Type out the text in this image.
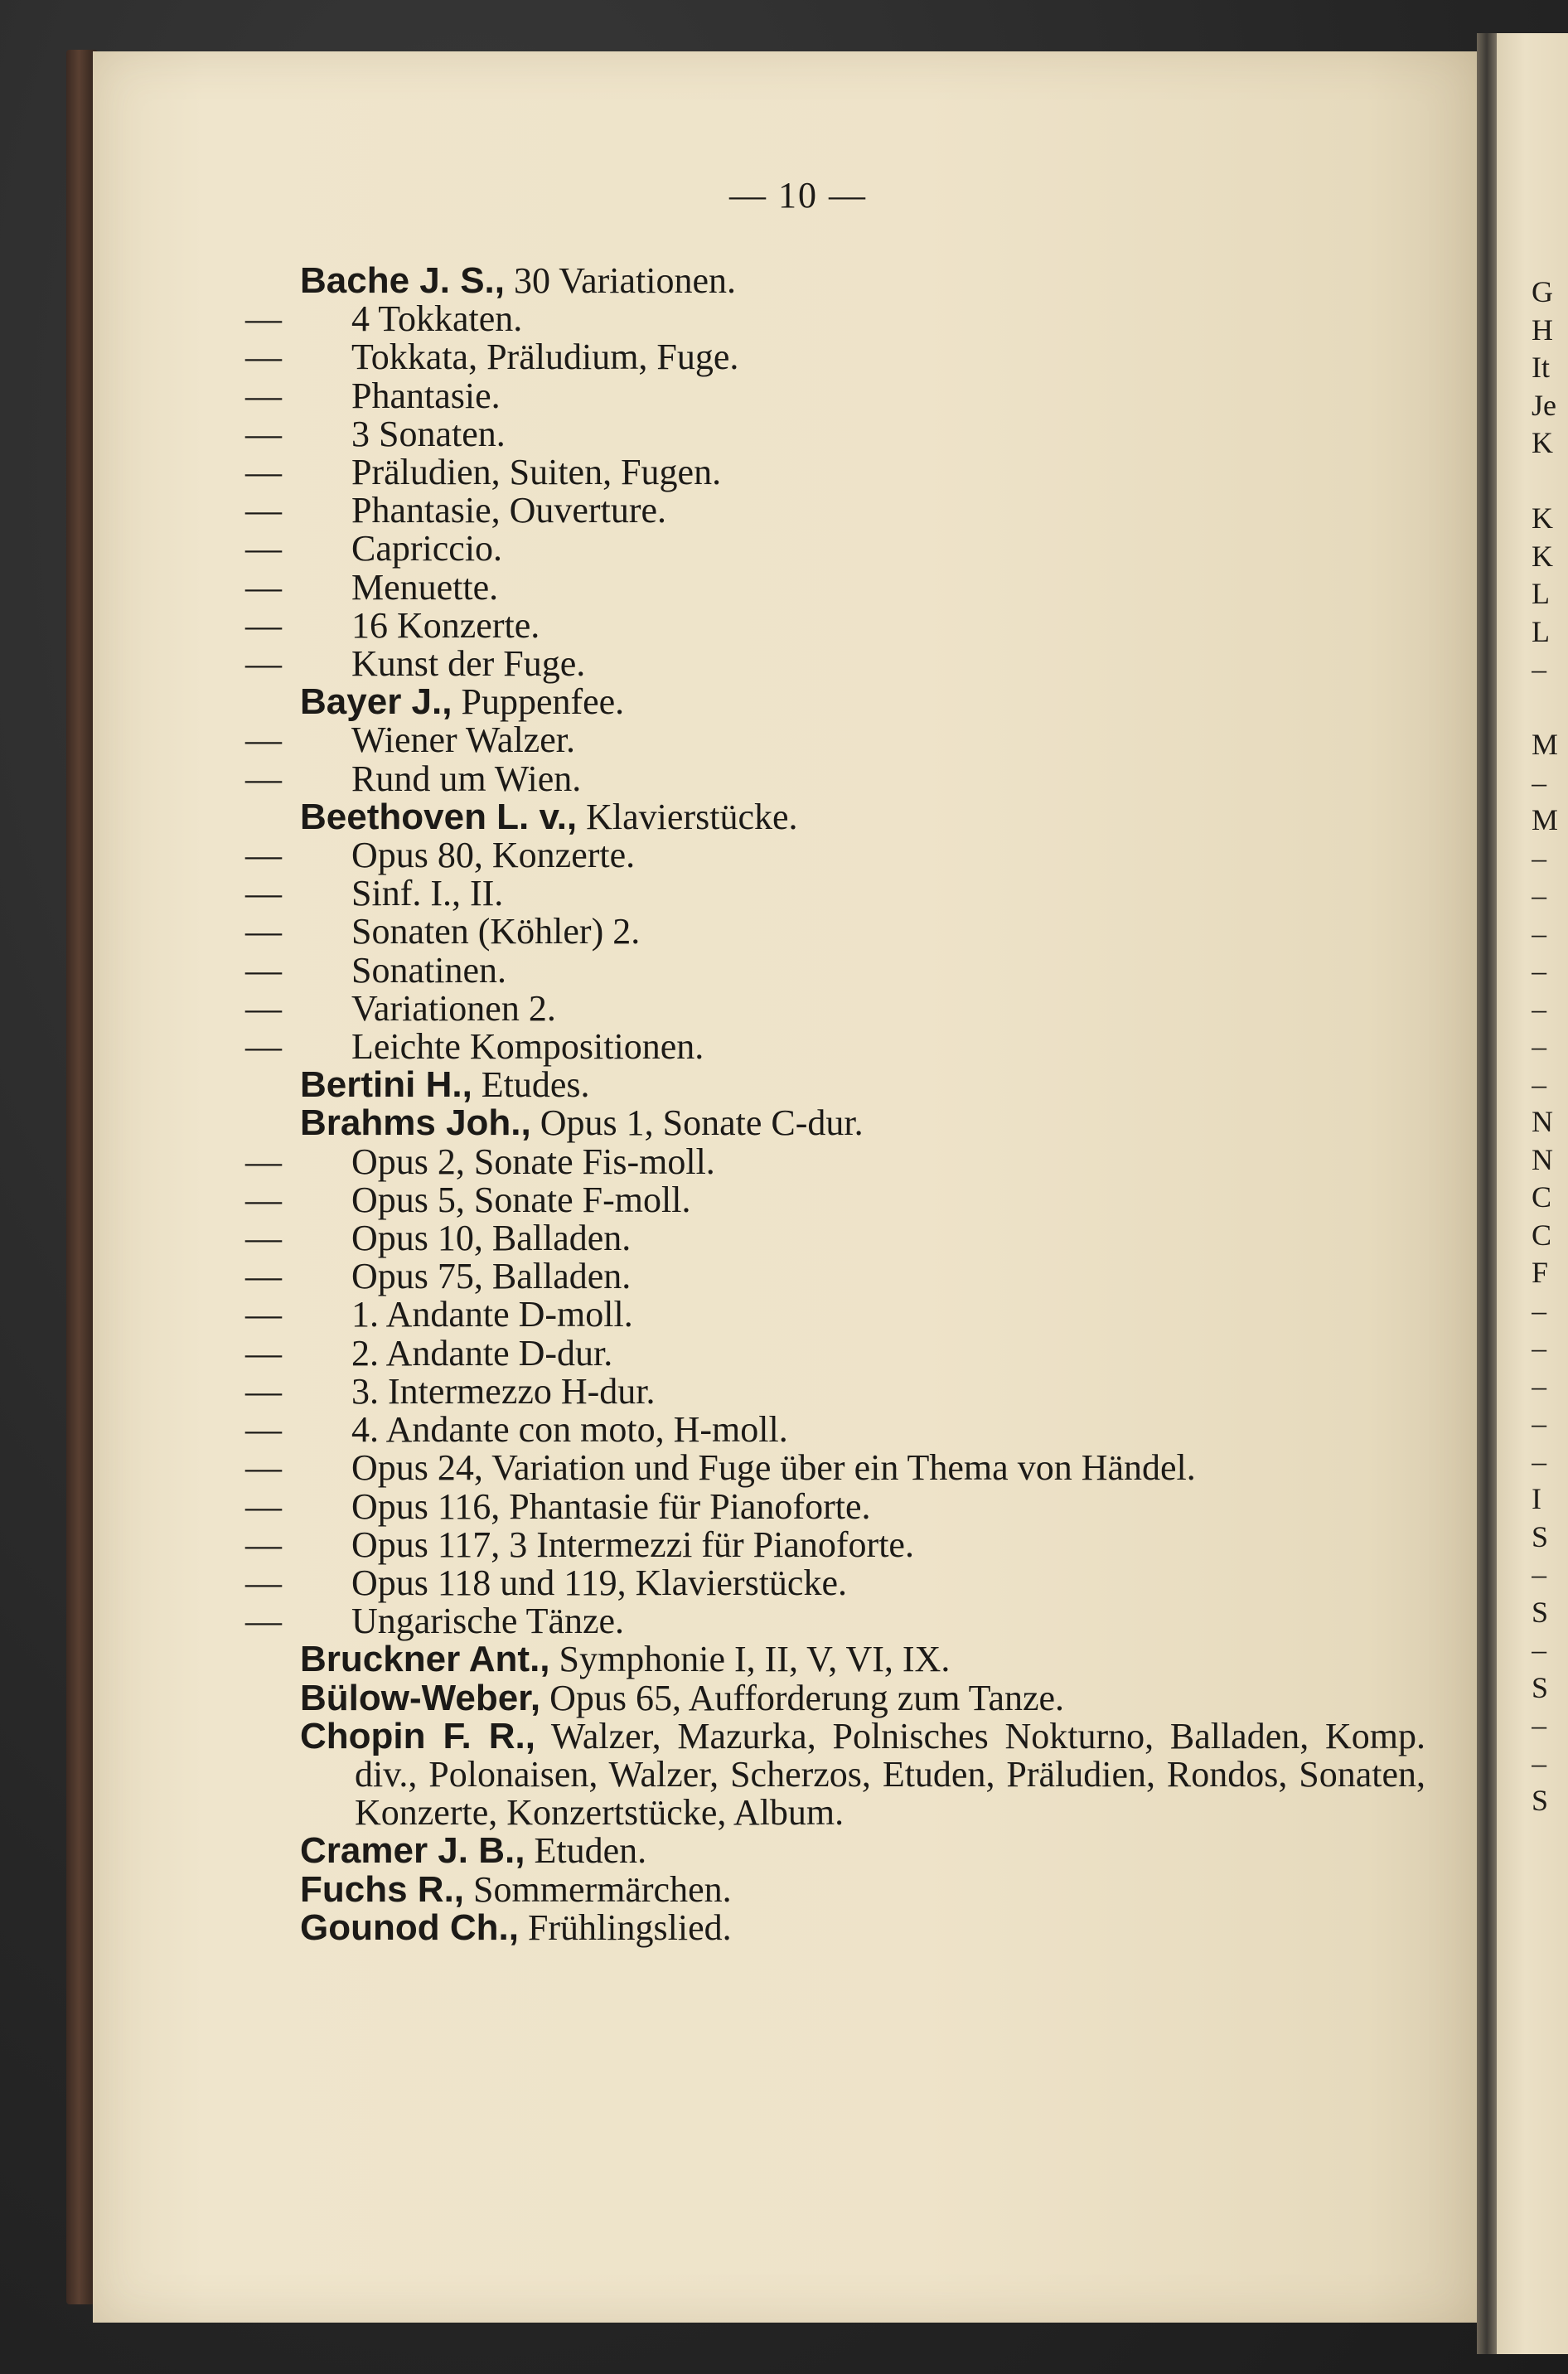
G
H
It
Je
K
K
K
L
L
–
M
–
M
–
–
–
–
–
–
–
N
N
C
C
F
–
–
–
–
–
I
S
–
S
–
S
–
–
S
— 10 —

Bache J. S., 30 Variationen.

— 4 Tokkaten.

— Tokkata, Präludium, Fuge.

— Phantasie.

— 3 Sonaten.

— Präludien, Suiten, Fugen.

— Phantasie, Ouverture.

— Capriccio.

— Menuette.

— 16 Konzerte.

— Kunst der Fuge.

Bayer J., Puppenfee.

— Wiener Walzer.

— Rund um Wien.

Beethoven L. v., Klavierstücke.

— Opus 80, Konzerte.

— Sinf. I., II.

— Sonaten (Köhler) 2.

— Sonatinen.

— Variationen 2.

— Leichte Kompositionen.

Bertini H., Etudes.

Brahms Joh., Opus 1, Sonate C-dur.

— Opus 2, Sonate Fis-moll.

— Opus 5, Sonate F-moll.

— Opus 10, Balladen.

— Opus 75, Balladen.

— 1. Andante D-moll.

— 2. Andante D-dur.

— 3. Intermezzo H-dur.

— 4. Andante con moto, H-moll.

— Opus 24, Variation und Fuge über ein Thema von Händel.

— Opus 116, Phantasie für Pianoforte.

— Opus 117, 3 Intermezzi für Pianoforte.

— Opus 118 und 119, Klavierstücke.

— Ungarische Tänze.

Bruckner Ant., Symphonie I, II, V, VI, IX.

Bülow-Weber, Opus 65, Aufforderung zum Tanze.

Chopin F. R., Walzer, Mazurka, Polnisches Nokturno, Balladen, Komp. div., Polonaisen, Walzer, Scherzos, Etuden, Präludien, Rondos, Sonaten, Konzerte, Konzertstücke, Album.

Cramer J. B., Etuden.

Fuchs R., Sommermärchen.

Gounod Ch., Frühlingslied.
